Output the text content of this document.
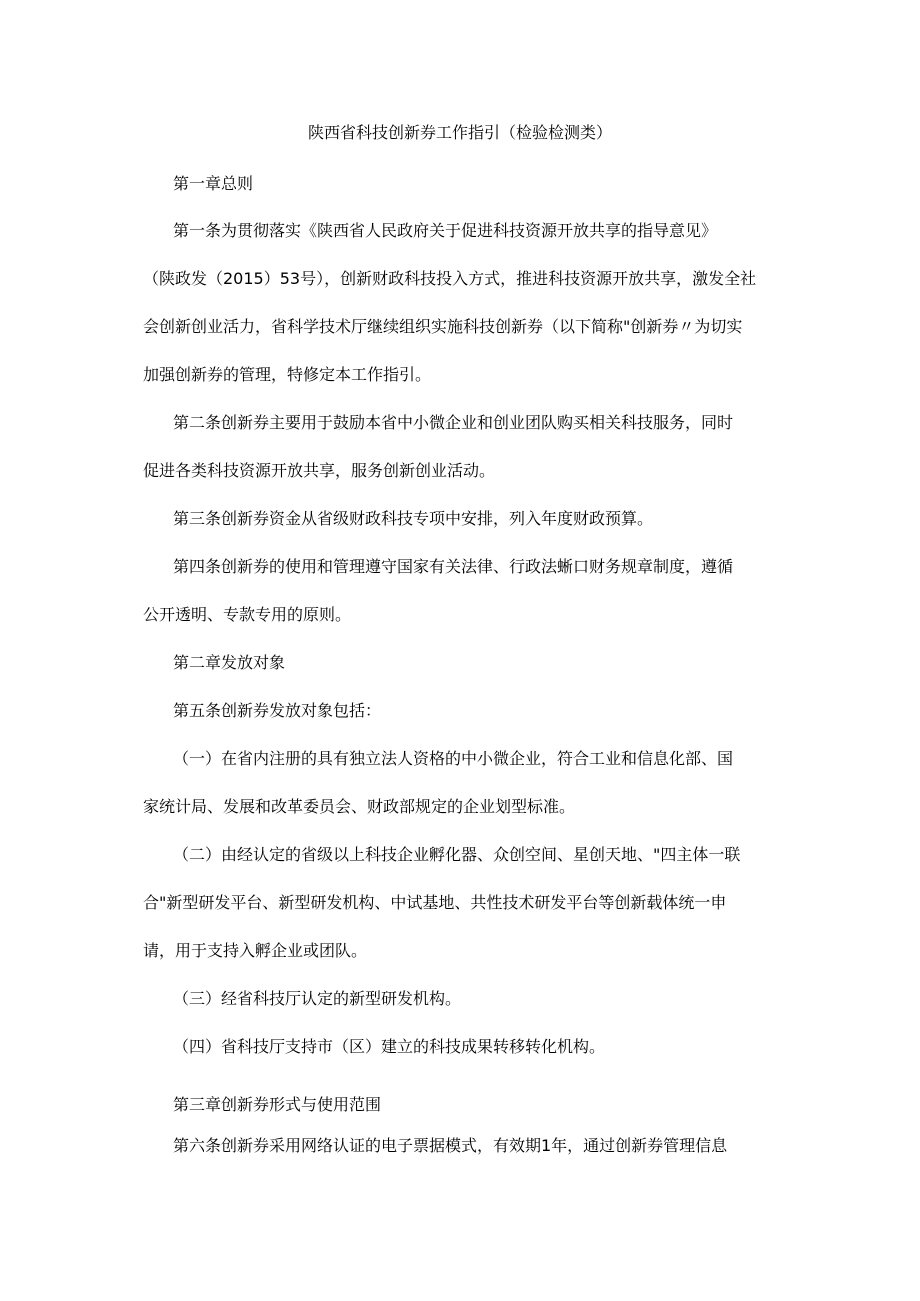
陕西省科技创新券工作指引（检验检测类）
第一章总则
第一条为贯彻落实《陕西省人民政府关于促进科技资源开放共享的指导意见》
（陕政发（2015）53号），创新财政科技投入方式，推进科技资源开放共享，激发全社
会创新创业活力，省科学技术厅继续组织实施科技创新券（以下简称"创新券〃为切实
加强创新券的管理，特修定本工作指引。
第二条创新券主要用于鼓励本省中小微企业和创业团队购买相关科技服务，同时
促进各类科技资源开放共享，服务创新创业活动。
第三条创新券资金从省级财政科技专项中安排，列入年度财政预算。
第四条创新券的使用和管理遵守国家有关法律、行政法蜥口财务规章制度，遵循
公开透明、专款专用的原则。
第二章发放对象
第五条创新券发放对象包括：
（一）在省内注册的具有独立法人资格的中小微企业，符合工业和信息化部、国
家统计局、发展和改革委员会、财政部规定的企业划型标准。
（二）由经认定的省级以上科技企业孵化器、众创空间、星创天地、"四主体一联
合"新型研发平台、新型研发机构、中试基地、共性技术研发平台等创新载体统一申
请，用于支持入孵企业或团队。
（三）经省科技厅认定的新型研发机构。
（四）省科技厅支持市（区）建立的科技成果转移转化机构。
第三章创新券形式与使用范围
第六条创新券采用网络认证的电子票据模式，有效期1年，通过创新券管理信息
